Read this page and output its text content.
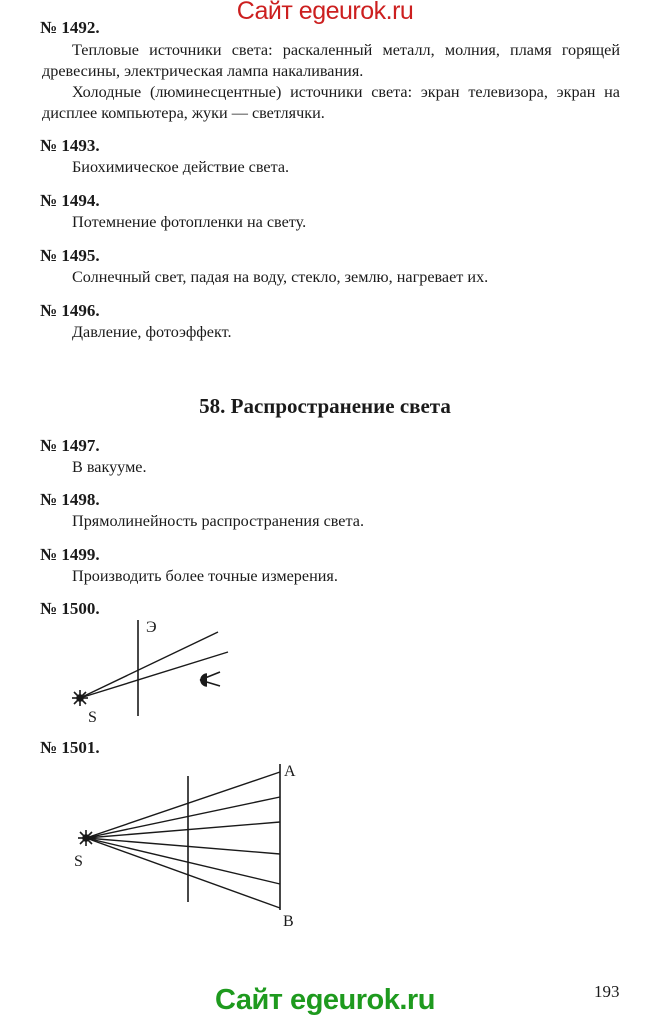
Сайт egeurok.ru
№ 1492.

Тепловые источники света: раскаленный металл, молния, пламя горящей древесины, электрическая лампа накаливания.

Холодные (люминесцентные) источники света: экран телевизора, экран на дисплее компьютера, жуки — светлячки.

№ 1493.
Биохимическое действие света.
№ 1494.
Потемнение фотопленки на свету.
№ 1495.
Солнечный свет, падая на воду, стекло, землю, нагревает их.
№ 1496.
Давление, фотоэффект.
58. Распространение света
№ 1497.
В вакууме.
№ 1498.
Прямолинейность распространения света.
№ 1499.
Производить более точные измерения.
№ 1500.
Э
S
№ 1501.
S
A
B
193
Сайт egeurok.ru
